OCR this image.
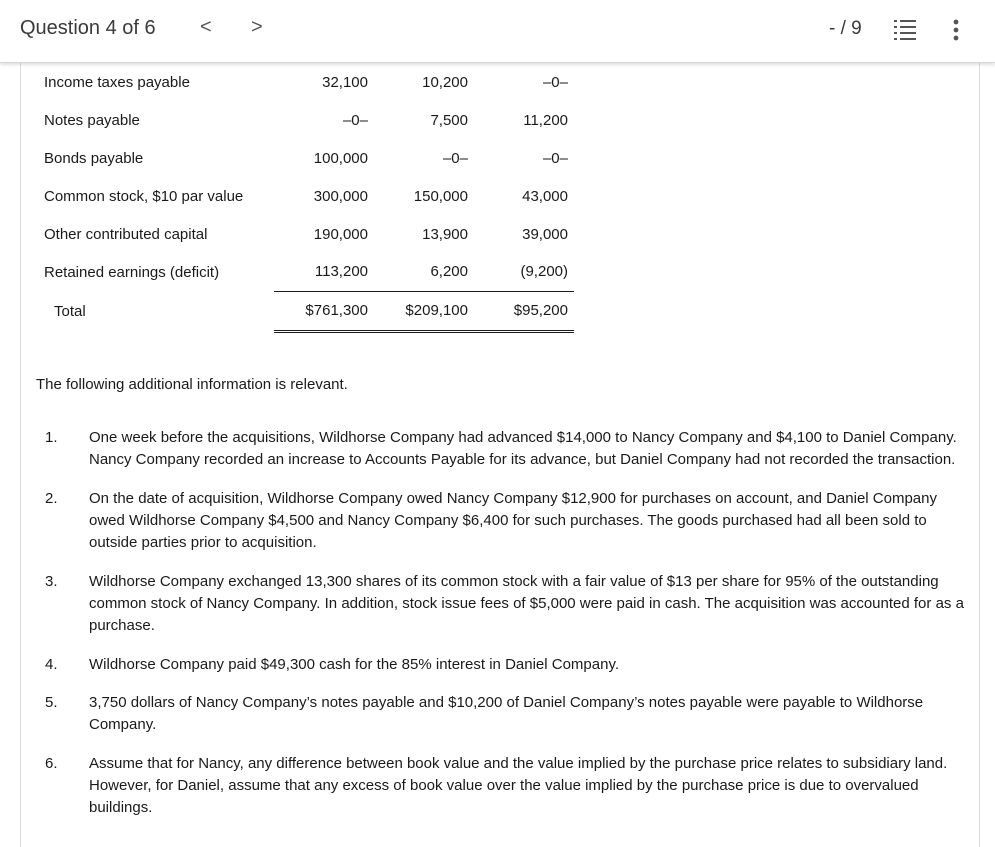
Question 4 of 6 < >	- / 9
Income taxes payable	32,100	10,200	–0–
Notes payable	–0–	7,500	11,200
Bonds payable	100,000	–0–	–0–
Common stock, $10 par value	300,000	150,000	43,000
Other contributed capital	190,000	13,900	39,000
Retained earnings (deficit)	113,200	6,200	(9,200)
Total	$761,300	$209,100	$95,200
The following additional information is relevant.
1. One week before the acquisitions, Wildhorse Company had advanced $14,000 to Nancy Company and $4,100 to Daniel Company. Nancy Company recorded an increase to Accounts Payable for its advance, but Daniel Company had not recorded the transaction.
2. On the date of acquisition, Wildhorse Company owed Nancy Company $12,900 for purchases on account, and Daniel Company owed Wildhorse Company $4,500 and Nancy Company $6,400 for such purchases. The goods purchased had all been sold to outside parties prior to acquisition.
3. Wildhorse Company exchanged 13,300 shares of its common stock with a fair value of $13 per share for 95% of the outstanding common stock of Nancy Company. In addition, stock issue fees of $5,000 were paid in cash. The acquisition was accounted for as a purchase.
4. Wildhorse Company paid $49,300 cash for the 85% interest in Daniel Company.
5. 3,750 dollars of Nancy Company’s notes payable and $10,200 of Daniel Company’s notes payable were payable to Wildhorse Company.
6. Assume that for Nancy, any difference between book value and the value implied by the purchase price relates to subsidiary land. However, for Daniel, assume that any excess of book value over the value implied by the purchase price is due to overvalued buildings.
